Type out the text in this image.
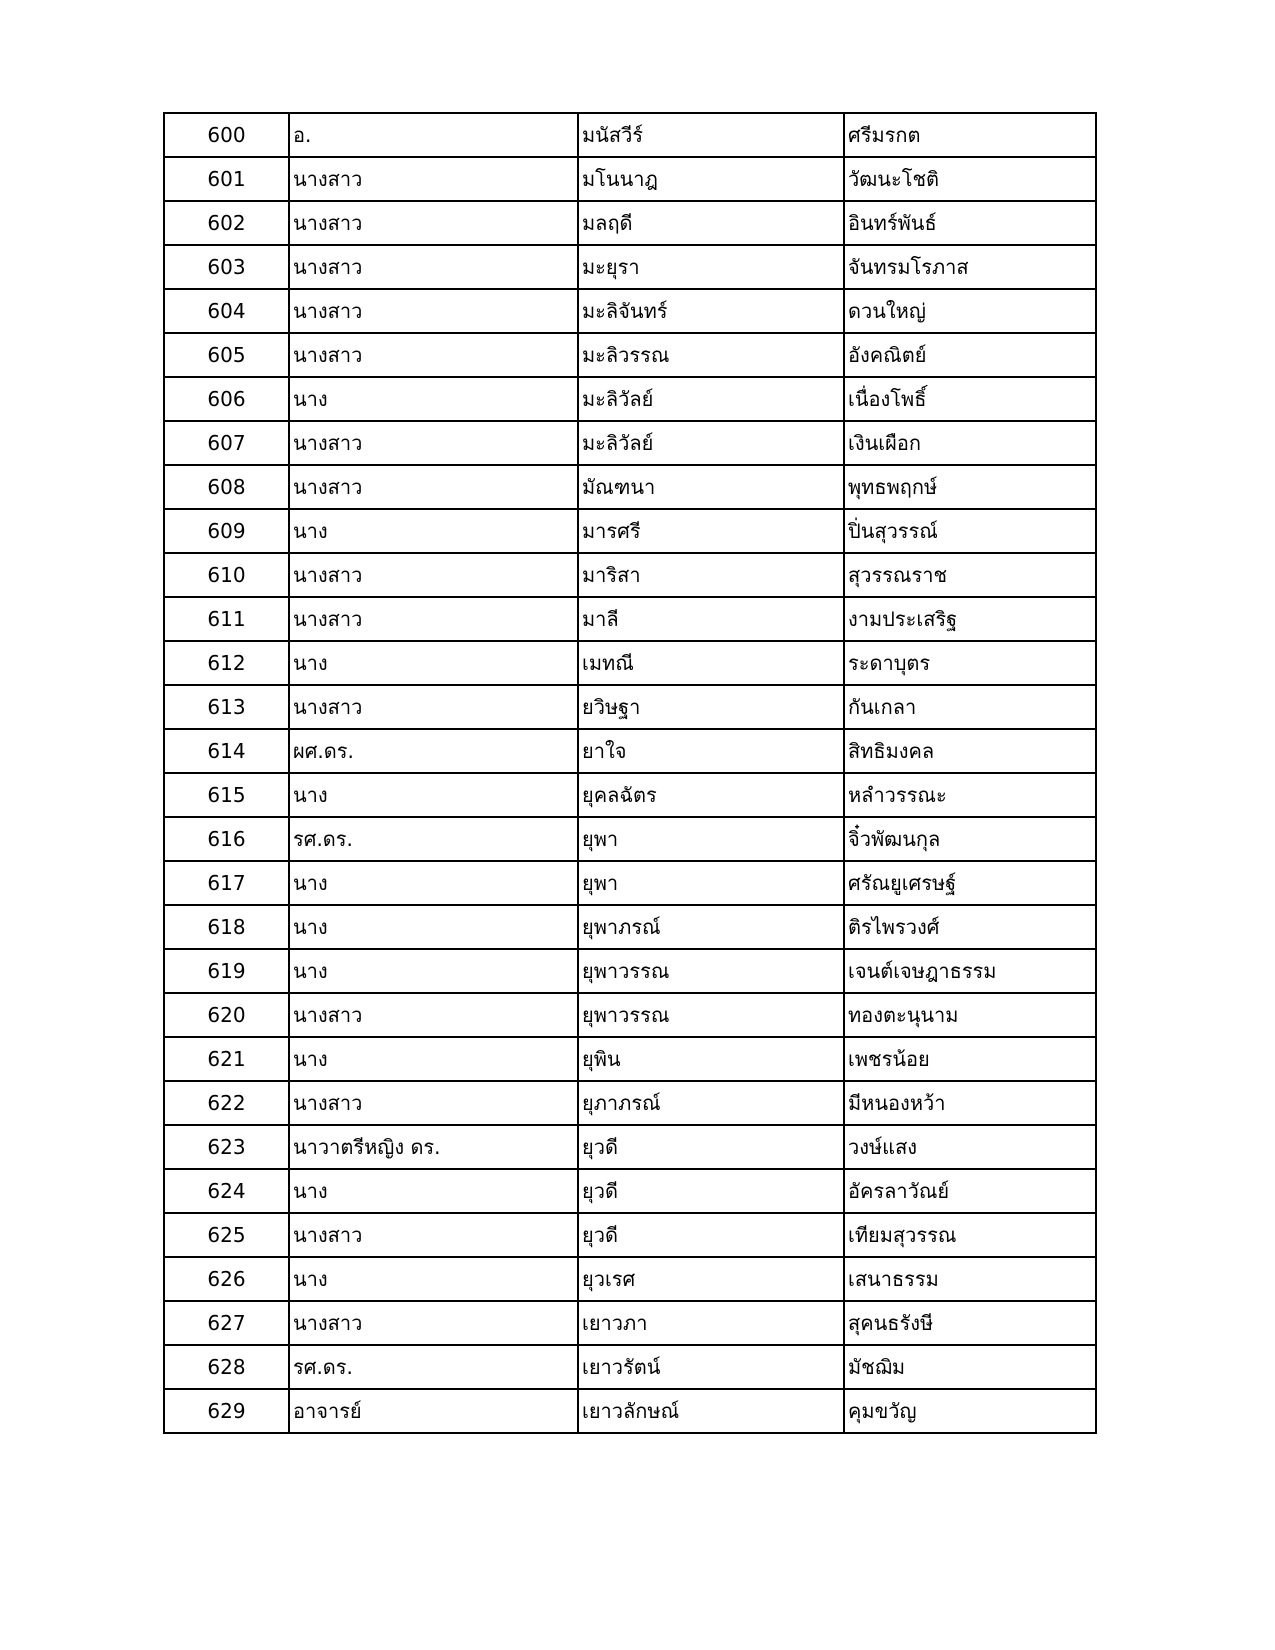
600	อ.	มนัสวีร์	ศรีมรกต
601	นางสาว	มโนนาฎ	วัฒนะโชติ
602	นางสาว	มลฤดี	อินทร์พันธ์
603	นางสาว	มะยุรา	จันทรมโรภาส
604	นางสาว	มะลิจันทร์	ดวนใหญ่
605	นางสาว	มะลิวรรณ	อังคณิตย์
606	นาง	มะลิวัลย์	เนื่องโพธิ์
607	นางสาว	มะลิวัลย์	เงินเผือก
608	นางสาว	มัณฑนา	พุทธพฤกษ์
609	นาง	มารศรี	ปิ่นสุวรรณ์
610	นางสาว	มาริสา	สุวรรณราช
611	นางสาว	มาลี	งามประเสริฐ
612	นาง	เมทณี	ระดาบุตร
613	นางสาว	ยวิษฐา	กันเกลา
614	ผศ.ดร.	ยาใจ	สิทธิมงคล
615	นาง	ยุคลฉัตร	หลำวรรณะ
616	รศ.ดร.	ยุพา	จิ๋วพัฒนกุล
617	นาง	ยุพา	ศรัณยูเศรษฐ์
618	นาง	ยุพาภรณ์	ติรไพรวงศ์
619	นาง	ยุพาวรรณ	เจนต์เจษฎาธรรม
620	นางสาว	ยุพาวรรณ	ทองตะนุนาม
621	นาง	ยุพิน	เพชรน้อย
622	นางสาว	ยุภาภรณ์	มีหนองหว้า
623	นาวาตรีหญิง ดร.	ยุวดี	วงษ์แสง
624	นาง	ยุวดี	อัครลาวัณย์
625	นางสาว	ยุวดี	เทียมสุวรรณ
626	นาง	ยุวเรศ	เสนาธรรม
627	นางสาว	เยาวภา	สุคนธรังษี
628	รศ.ดร.	เยาวรัตน์	มัชฌิม
629	อาจารย์	เยาวลักษณ์	คุมขวัญ
